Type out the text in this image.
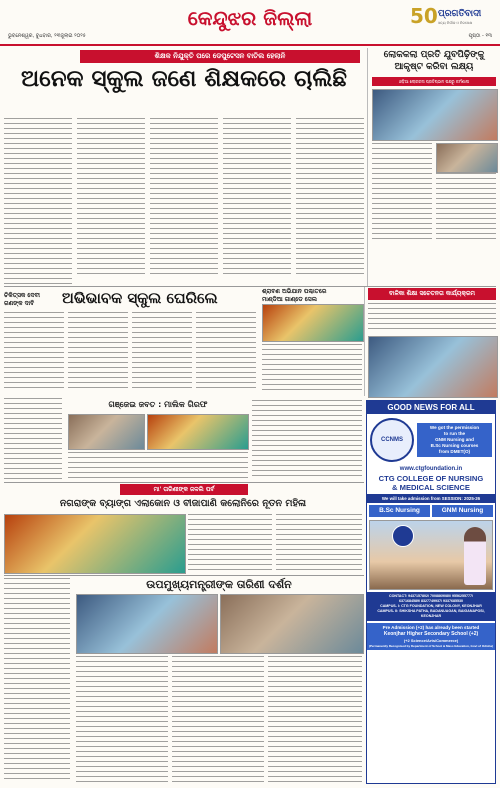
କେନ୍ଦୁଝର ଜିଲ୍ଲା
ଭୁବନେଶ୍ୱର, ବୁଧବାର, ୨୩ଜୁଲାଇ ୨୦୨୫	ପୃଷ୍ଠା - ୧୩
50 ପ୍ରଗତିବାଦୀ
ସତ୍ୟ ନିର୍ଭୀକ ଓ ନିରପେକ୍ଷ
ଶିକ୍ଷକ ନିଯୁକ୍ତି ପରେ ଡେପୁଟେସନ ବାତିଲ ହେଲାନି
ଅନେକ ସ୍କୁଲ ଜଣେ ଶିକ୍ଷକରେ ଚାଲିଛି
ଲୋକକଲା ପ୍ରତି ଯୁବପିଢ଼ିଙ୍କୁ
ଆକୃଷ୍ଟ କରିବା ଲକ୍ଷ୍ୟ
ଓଡ଼ିଆ ଲୋକକଳା ପ୍ରତିଷ୍ଠାନ ପକ୍ଷରୁ କର୍ମଶାଳା
ଚିକିତ୍ସକ ଦେବୀ
ଗଣଙ୍କ ଦାବି	ଅଭିଭାବକ ସ୍କୁଲ ଘେରିଲେ	ଶ୍ରାବଣ ଅଭିଯାନ ପଶ୍ଚାତରେ
ମାଣ୍ଡିଆ ଗାଣ୍ଡେ ସେଲ
ବାଳିକା ଶିକ୍ଷା ସଚେତନତା କାର୍ଯ୍ୟକ୍ରମ
ଗଞ୍ଜେଇ ଜବତ : ମାଲିକ ଗିରଫ
ମା' ତାରିଣୀଙ୍କ ଜଳଲି ପର୍ବ
ନଗରାଙ୍କ ବ୍ୟାଙ୍ଗ ଏଲାକୋନ ଓ ବୀଜାପାଣି କଲୋନିରେ ନୂତନ ମହିଳା
ଉପମୁଖ୍ୟମନ୍ତ୍ରୀଙ୍କ ତାରିଣୀ ଦର୍ଶନ
GOOD NEWS FOR ALL
CCNMS
We got the permission
to run the
GNM Nursing and
B.Sc Nursing courses
from DMET(O)
www.ctgfoundation.in
CTG COLLEGE OF NURSING
& MEDICAL SCIENCE
We will take admission from SESSION: 2025-26
B.Sc Nursing	GNM Nursing
CONTACT: 9437157802/ 7008869080/ 9556255777/
6371684589/ 8327749937/ 9337685530
CAMPUS- I: CTG FOUNDATION, NEW COLONY, KEONJHAR
CAMPUS- II: SHIKSHA PATHA, BADANUAGAN, BAIGANAPOSI, KEONJHAR
Pre Admission (+2) has already been started
Keonjhar Higher Secondary School (+2)
(+2 Science/Arts/Commerce)
(Permanently Recognised by Department of School & Mass Education, Govt of Odisha)
